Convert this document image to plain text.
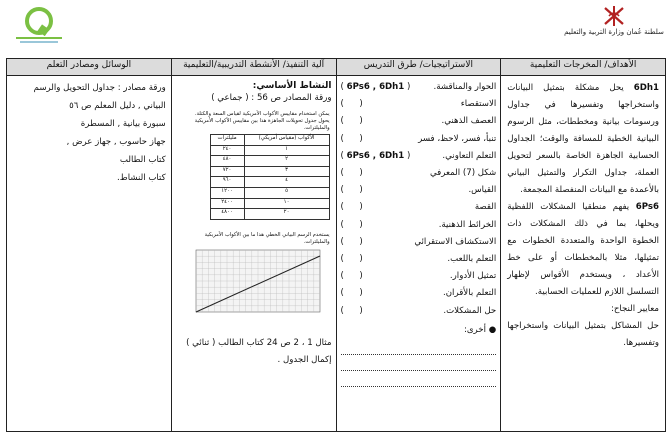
سلطنة عُمان وزارة التربية والتعليم
الأهداف/ المخرجات التعليمية	الاستراتيجيات/ طرق التدريس	آلية التنفيذ/ الأنشطة التدريبية/التعليمية	الوسائل ومصادر التعلم

6Dh1 يحل مشكلة بتمثيل البيانات واستخراجها وتفسيرها في جداول ورسومات بيانية ومخططات، مثل الرسوم البيانية الخطية للمسافة والوقت؛ الجداول الحسابية الجاهزة الخاصة بالسعر لتحويل العملة، جداول التكرار والتمثيل البياني بالأعمدة مع البيانات المنفصلة المجمعة.
6Ps6 يفهم منطقيا المشكلات اللفظية ويحلها، بما في ذلك المشكلات ذات الخطوة الواحدة والمتعددة الخطوات مع تمثيلها، مثلا بالمخططات أو على خط الأعداد ، ويستخدم الأقواس لإظهار التسلسل اللازم للعمليات الحسابية.
معايير النجاح:
حل المشاكل بتمثيل البيانات واستخراجها وتفسيرها.

الحوار والمناقشة.
( 6Ps6 , 6Dh1 )
الاستقصاء
(  )
العصف الذهني.
(  )
تنبأ، فسر، لاحظ، فسر
(  )
التعلم التعاوني.
( 6Ps6 , 6Dh1 )
شكل (7) المعرفي
(  )
القياس.
(  )
القصة
(  )
الخرائط الذهنية.
(  )
الاستكشاف الاستقرائي
(  )
التعلم باللعب.
(  )
تمثيل الأدوار.
(  )
التعلم بالأقران.
(  )
حل المشكلات.
(  )
● أخرى:

النشاط الأساسي:
ورقة المصادر ص 56 : ( جماعي )
يمكن استخدام مقاييس الأكواب الأمريكية لقياس السعة والكتلة.
يحول جدول تحويلات الجاهزة هذا بين مقاييس الأكواب الأمريكية والمليلترات.
الأكواب (مقياس أمريكي)	مليلترات
١	٢٤٠
٢	٤٨٠
٣	٧٢٠
٤	٩٦٠
٥	١٢٠٠
١٠	٢٤٠٠
٢٠	٤٨٠٠
يستخدم الرسم البياني الخطي هذا ما بين الأكواب الأمريكية والمليلترات.
مثال 1 ، 2 ص 24 كتاب الطالب ( ثنائي )
إكمال الجدول .

ورقة مصادر : جداول التحويل والرسم البياني , دليل المعلم ص ٥٦
سبورة بيانية , المسطرة
جهاز حاسوب , جهاز عرض ,
كتاب الطالب
كتاب النشاط.
